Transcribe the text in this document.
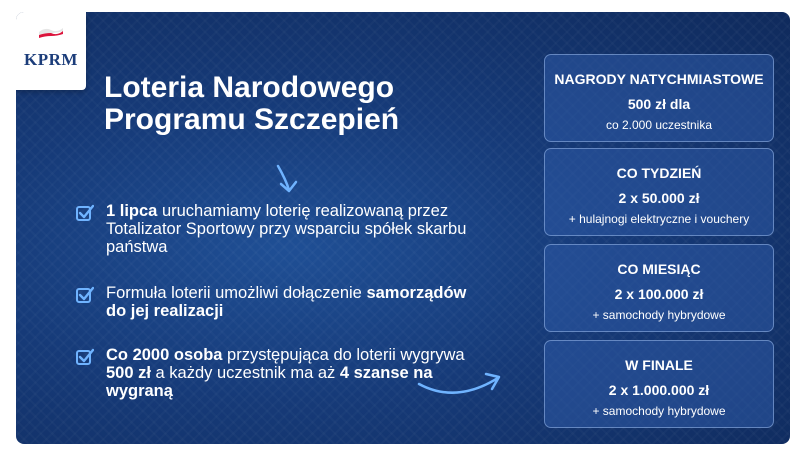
KPRM
Loteria Narodowego
Programu Szczepień
1 lipca uruchamiamy loterię realizowaną przez Totalizator Sportowy przy wsparciu spółek skarbu państwa
Formuła loterii umożliwi dołączenie samorządów do jej realizacji
Co 2000 osoba przystępująca do loterii wygrywa 500 zł a każdy uczestnik ma aż 4 szanse na wygraną
NAGRODY NATYCHMIASTOWE
500 zł dla
co 2.000 uczestnika
CO TYDZIEŃ
2 x 50.000 zł
+ hulajnogi elektryczne i vouchery
CO MIESIĄC
2 x 100.000 zł
+ samochody hybrydowe
W FINALE
2 x 1.000.000 zł
+ samochody hybrydowe
